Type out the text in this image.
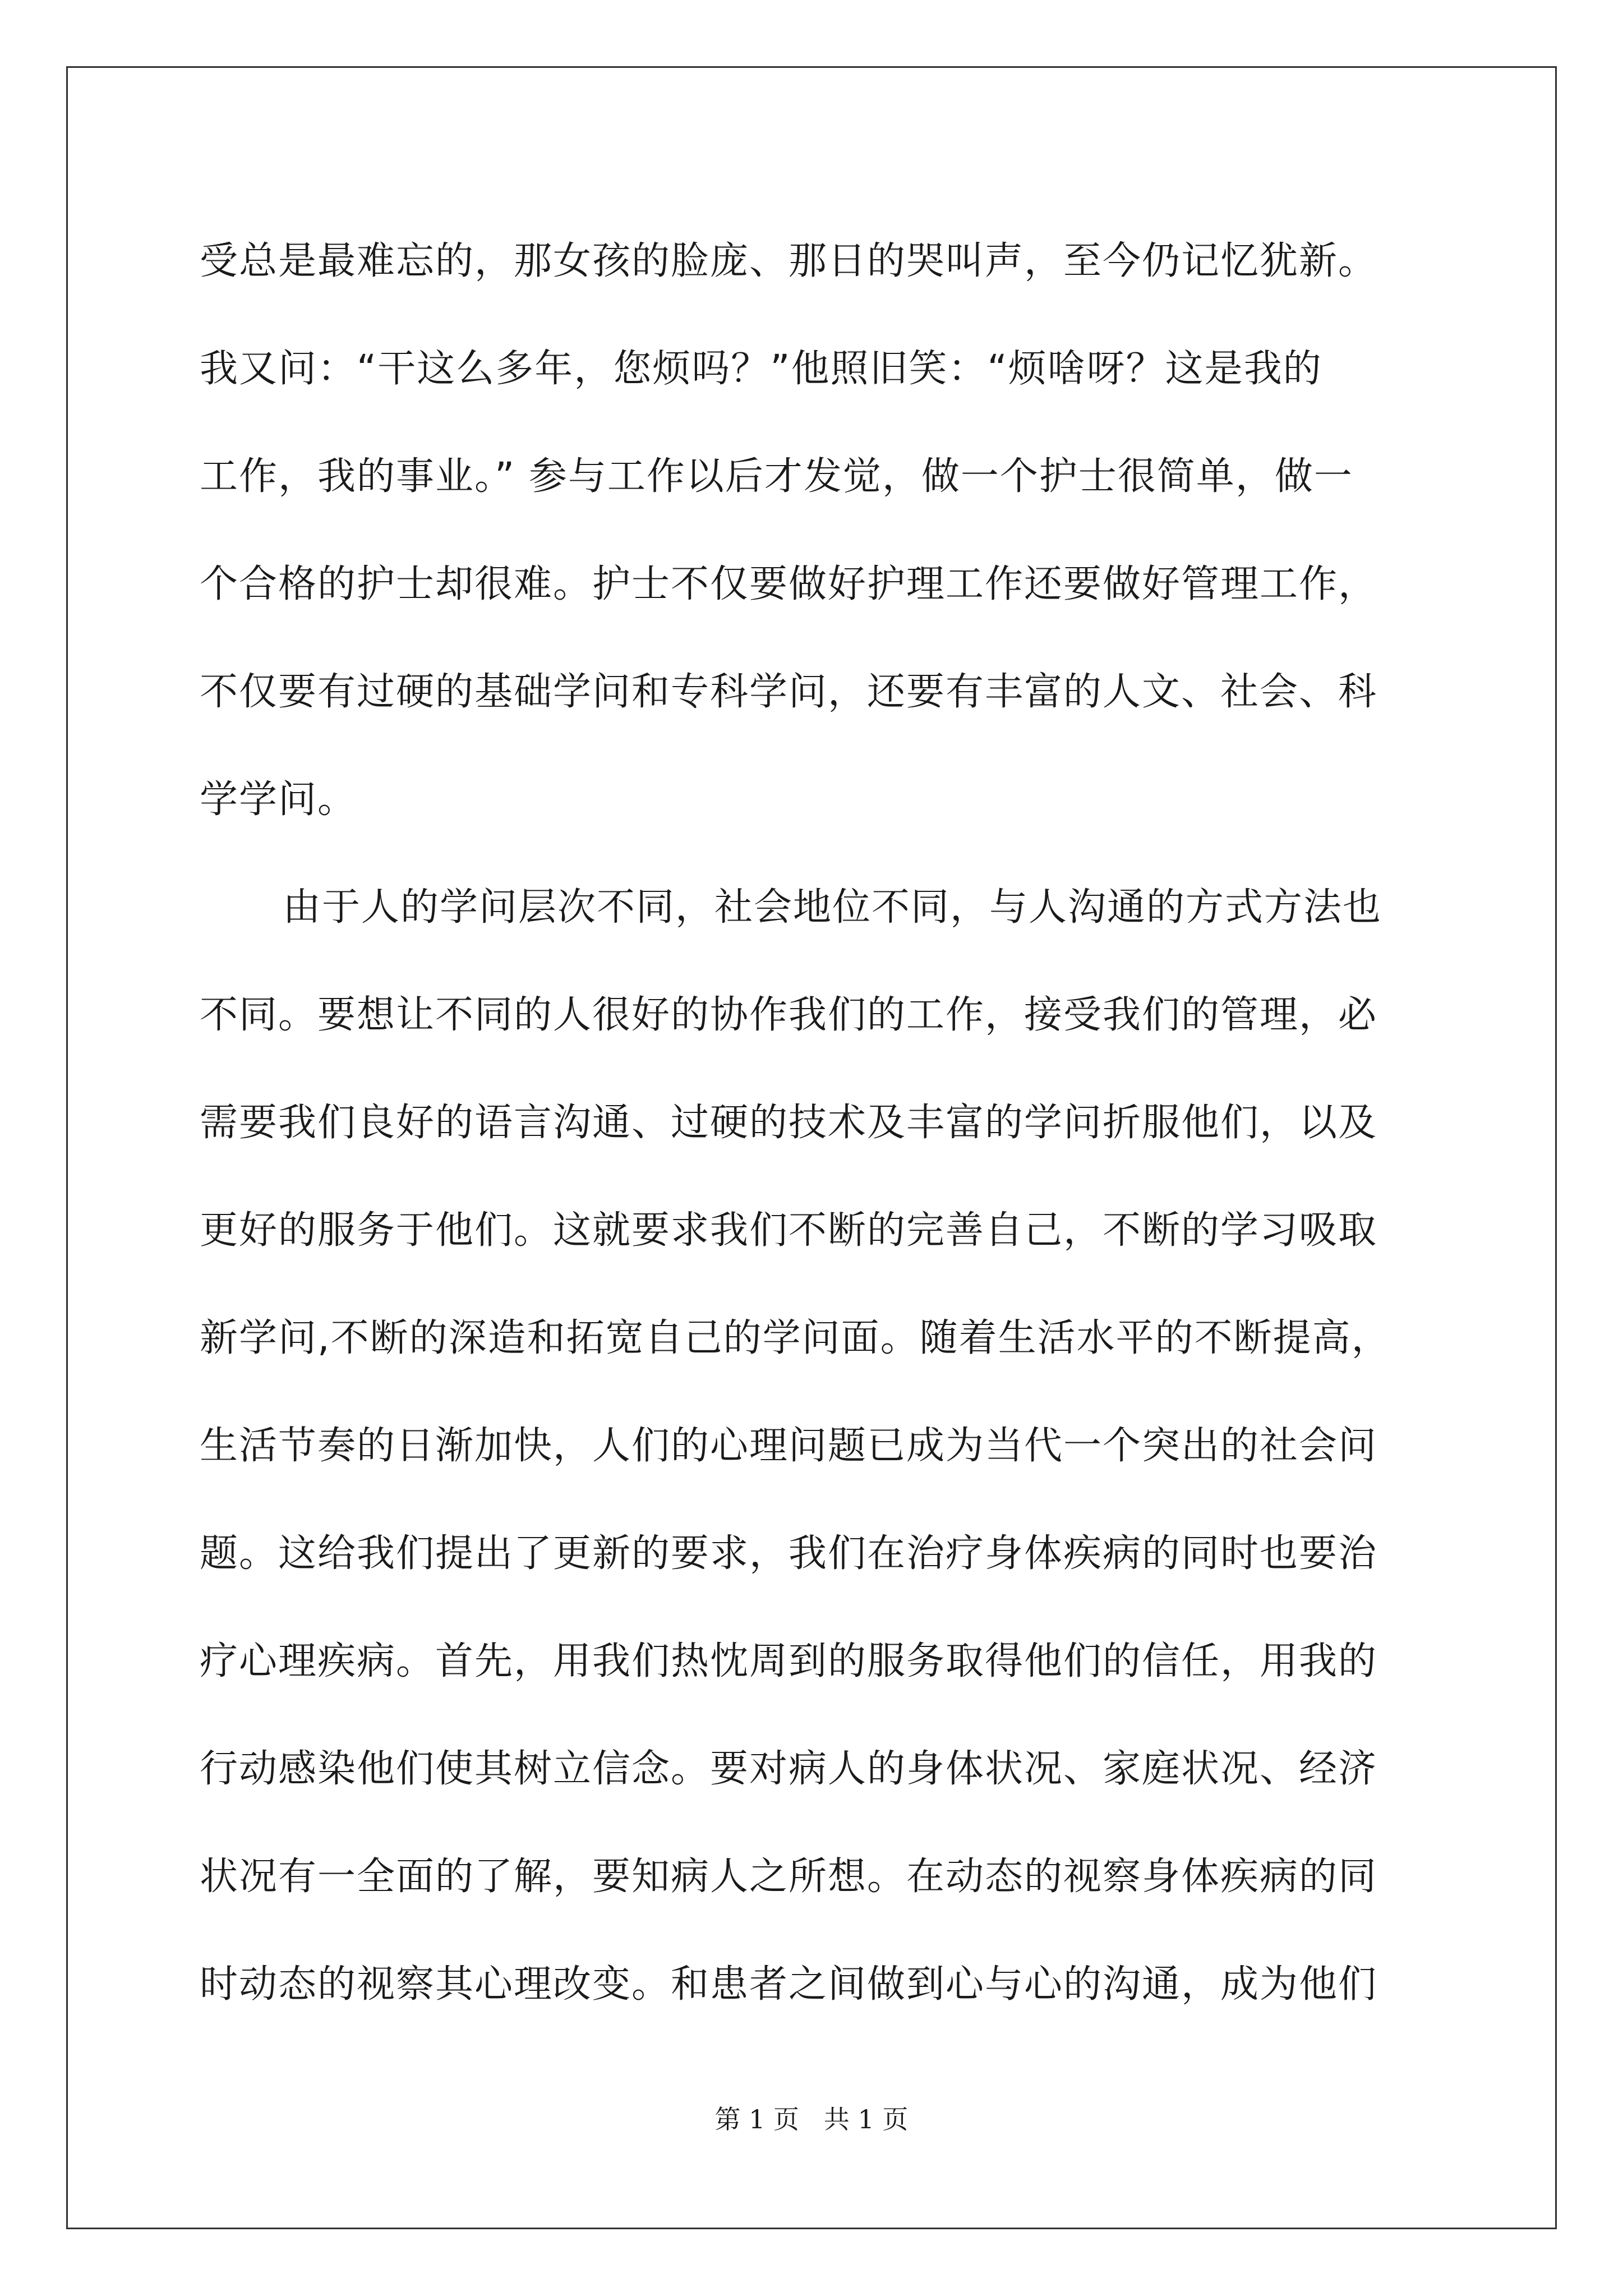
受总是最难忘的，那女孩的脸庞、那日的哭叫声，至今仍记忆犹新。
我又问：“干这么多年，您烦吗？”他照旧笑：“烦啥呀？这是我的
工作，我的事业。” 参与工作以后才发觉，做一个护士很简单，做一
个合格的护士却很难。护士不仅要做好护理工作还要做好管理工作，
不仅要有过硬的基础学问和专科学问，还要有丰富的人文、社会、科
学学问。
由于人的学问层次不同，社会地位不同，与人沟通的方式方法也
不同。要想让不同的人很好的协作我们的工作，接受我们的管理，必
需要我们良好的语言沟通、过硬的技术及丰富的学问折服他们，以及
更好的服务于他们。这就要求我们不断的完善自己，不断的学习吸取
新学问,不断的深造和拓宽自己的学问面。随着生活水平的不断提高，
生活节奏的日渐加快，人们的心理问题已成为当代一个突出的社会问
题。这给我们提出了更新的要求，我们在治疗身体疾病的同时也要治
疗心理疾病。首先，用我们热忱周到的服务取得他们的信任，用我的
行动感染他们使其树立信念。要对病人的身体状况、家庭状况、经济
状况有一全面的了解，要知病人之所想。在动态的视察身体疾病的同
时动态的视察其心理改变。和患者之间做到心与心的沟通，成为他们
第 1 页   共 1 页
